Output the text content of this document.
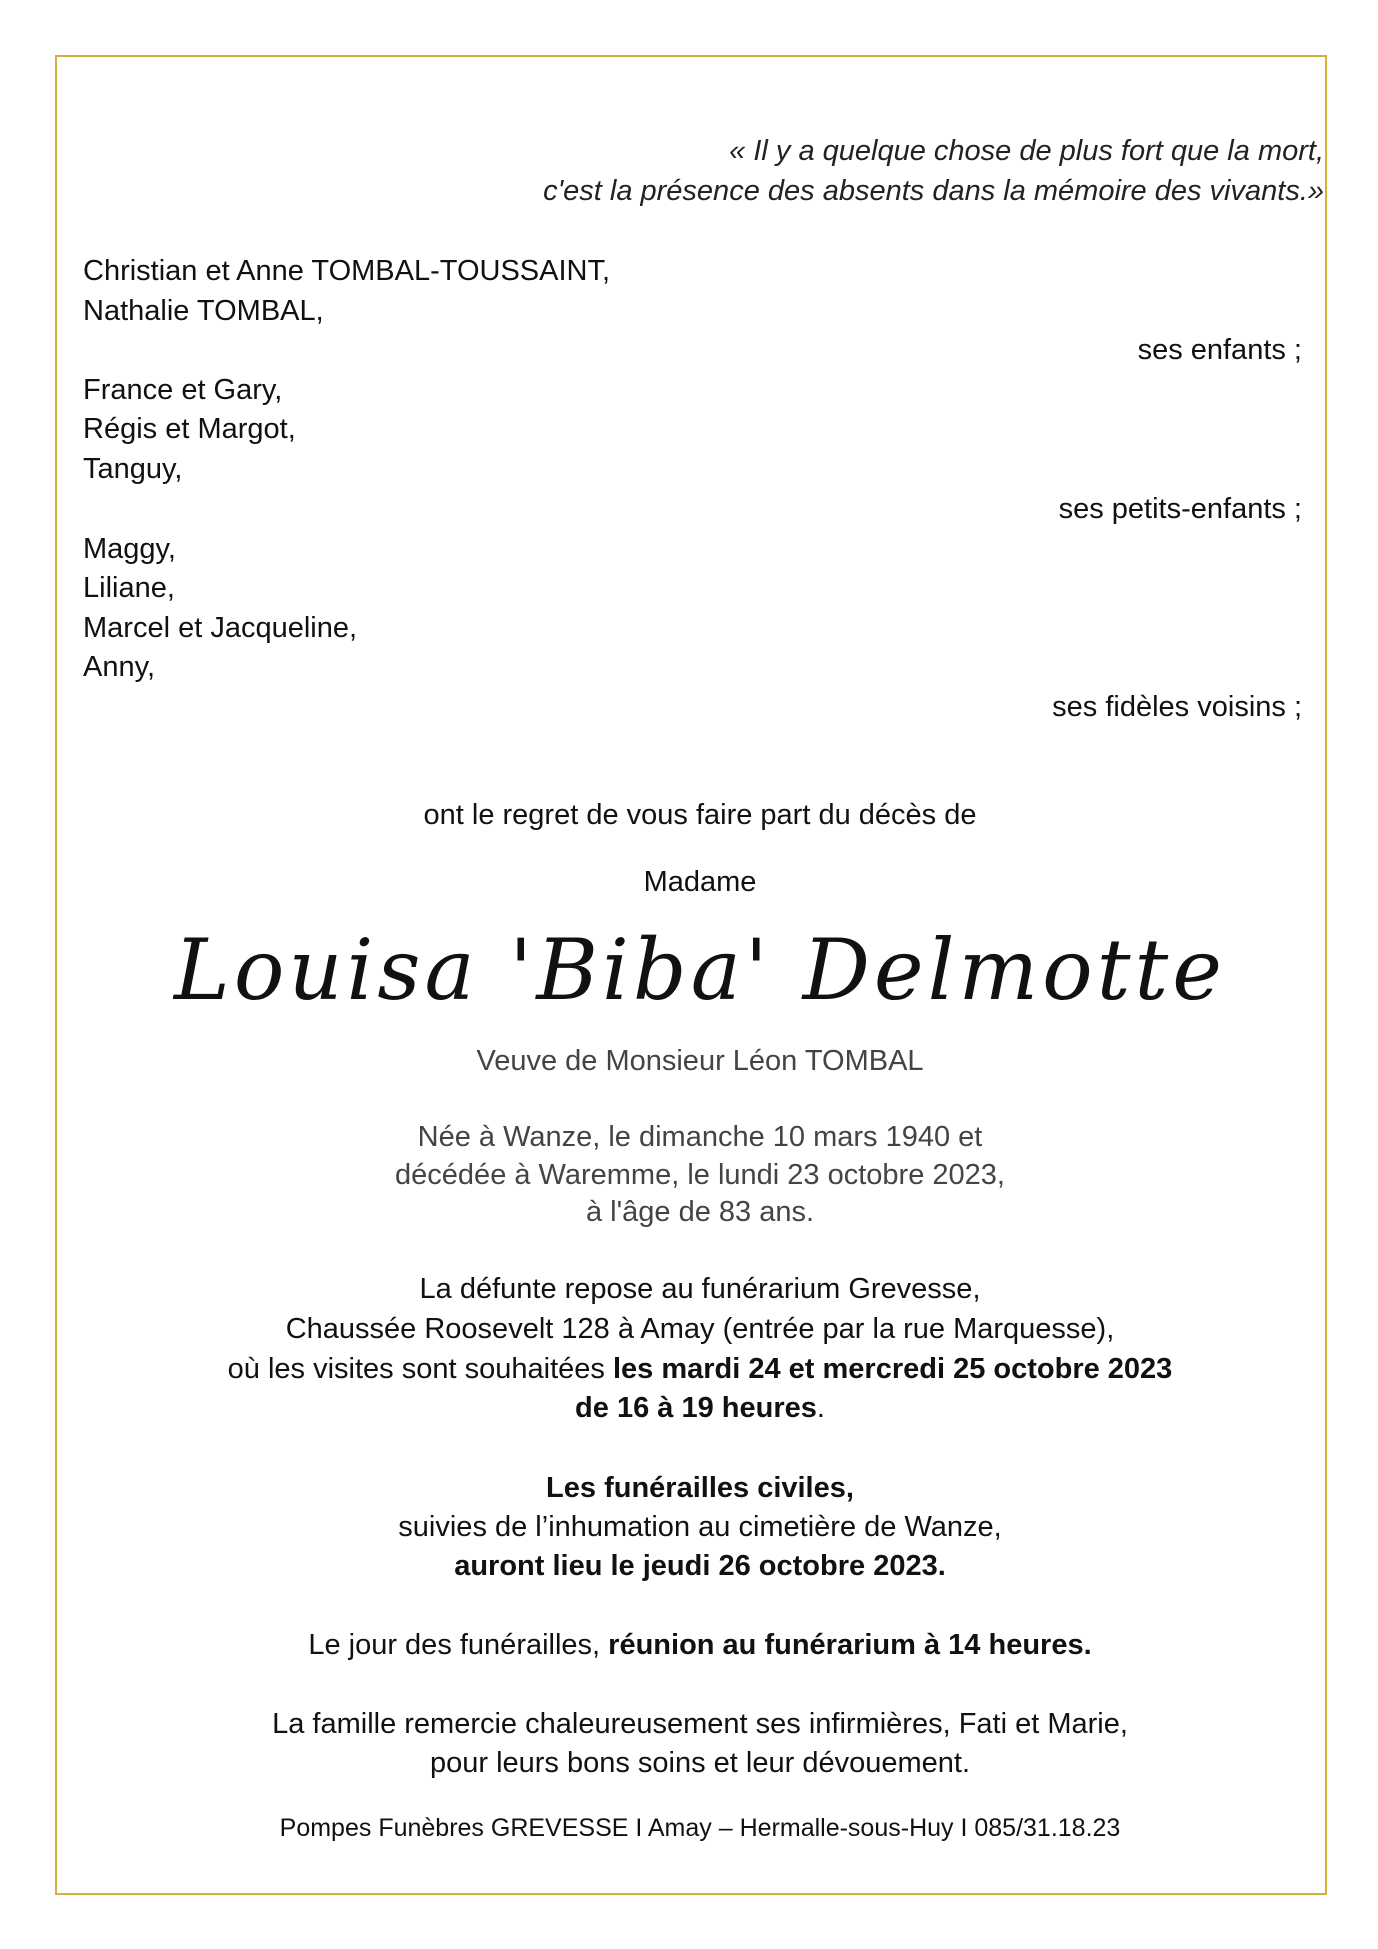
« Il y a quelque chose de plus fort que la mort,
c'est la présence des absents dans la mémoire des vivants.»
Christian et Anne TOMBAL-TOUSSAINT,
Nathalie TOMBAL,
ses enfants ;
France et Gary,
Régis et Margot,
Tanguy,
ses petits-enfants ;
Maggy,
Liliane,
Marcel et Jacqueline,
Anny,
ses fidèles voisins ;
ont le regret de vous faire part du décès de
Madame
Louisa 'Biba' Delmotte
Veuve de Monsieur Léon TOMBAL
Née à Wanze, le dimanche 10 mars 1940 et
décédée à Waremme, le lundi 23 octobre 2023,
à l'âge de 83 ans.
La défunte repose au funérarium Grevesse,
Chaussée Roosevelt 128 à Amay (entrée par la rue Marquesse),
où les visites sont souhaitées les mardi 24 et mercredi 25 octobre 2023
de 16 à 19 heures.
Les funérailles civiles,
suivies de l’inhumation au cimetière de Wanze,
auront lieu le jeudi 26 octobre 2023.
Le jour des funérailles, réunion au funérarium à 14 heures.
La famille remercie chaleureusement ses infirmières, Fati et Marie,
pour leurs bons soins et leur dévouement.
Pompes Funèbres GREVESSE I Amay – Hermalle-sous-Huy I 085/31.18.23
